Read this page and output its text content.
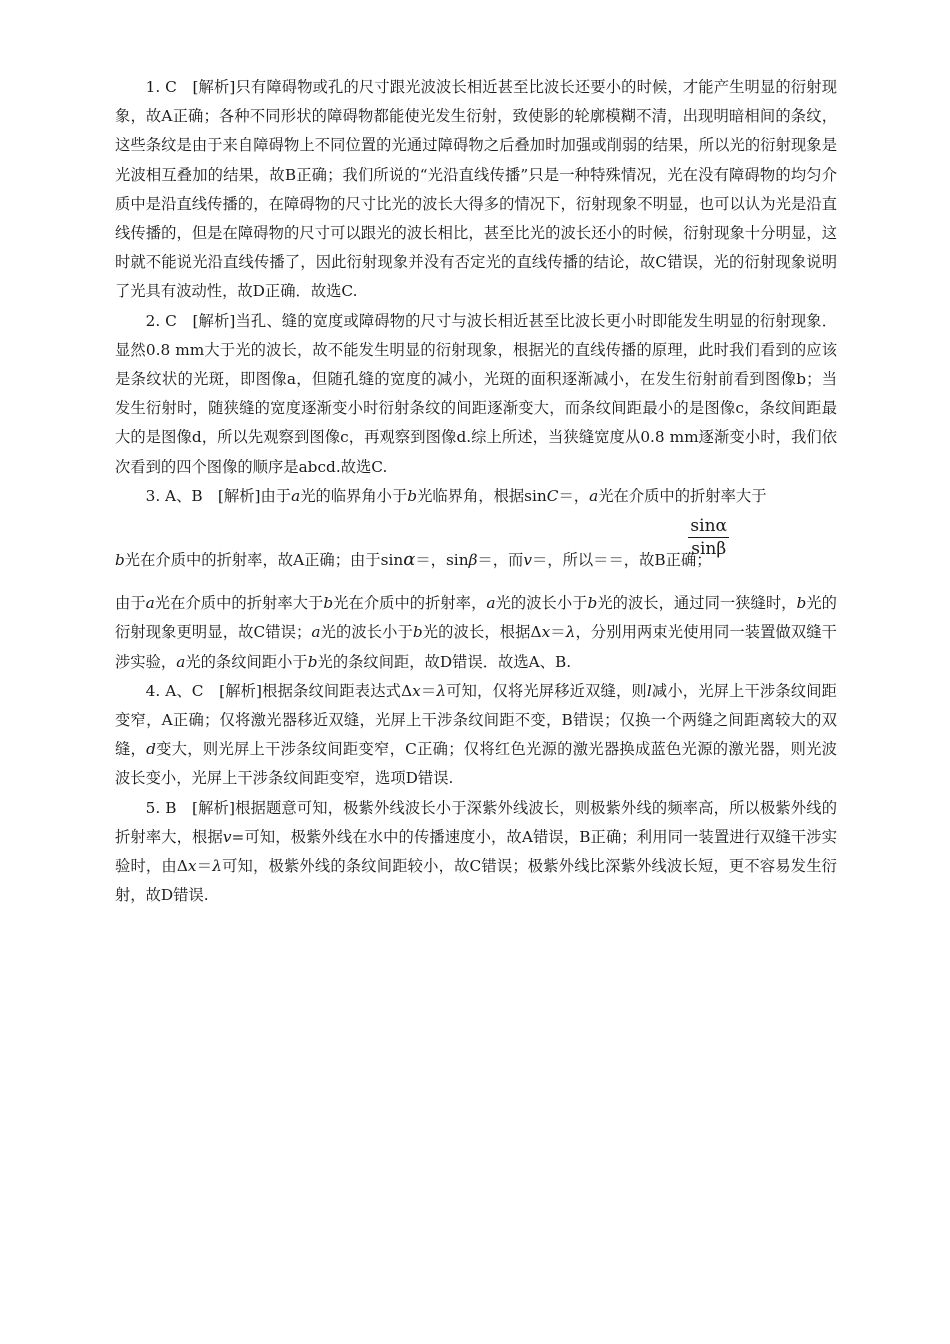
1. C　[解析]只有障碍物或孔的尺寸跟光波波长相近甚至比波长还要小的时候，才能产生明显的衍射现象，故A正确；各种不同形状的障碍物都能使光发生衍射，致使影的轮廓模糊不清，出现明暗相间的条纹，这些条纹是由于来自障碍物上不同位置的光通过障碍物之后叠加时加强或削弱的结果，所以光的衍射现象是光波相互叠加的结果，故B正确；我们所说的“光沿直线传播”只是一种特殊情况，光在没有障碍物的均匀介质中是沿直线传播的，在障碍物的尺寸比光的波长大得多的情况下，衍射现象不明显，也可以认为光是沿直线传播的，但是在障碍物的尺寸可以跟光的波长相比，甚至比光的波长还小的时候，衍射现象十分明显，这时就不能说光沿直线传播了，因此衍射现象并没有否定光的直线传播的结论，故C错误，光的衍射现象说明了光具有波动性，故D正确．故选C.

2. C　[解析]当孔、缝的宽度或障碍物的尺寸与波长相近甚至比波长更小时即能发生明显的衍射现象．显然0.8 mm大于光的波长，故不能发生明显的衍射现象，根据光的直线传播的原理，此时我们看到的应该是条纹状的光斑，即图像a，但随孔缝的宽度的减小，光斑的面积逐渐减小，在发生衍射前看到图像b；当发生衍射时，随狭缝的宽度逐渐变小时衍射条纹的间距逐渐变大，而条纹间距最小的是图像c，条纹间距最大的是图像d，所以先观察到图像c，再观察到图像d.综上所述，当狭缝宽度从0.8 mm逐渐变小时，我们依次看到的四个图像的顺序是abcd.故选C.

3. A、B　[解析]由于a光的临界角小于b光临界角，根据sinC＝，a光在介质中的折射率大于

$\frac{\sin\alpha}{\sin\beta}$

b光在介质中的折射率，故A正确；由于sinα＝，sinβ＝，而v＝，所以＝＝，故B正确；

由于a光在介质中的折射率大于b光在介质中的折射率，a光的波长小于b光的波长，通过同一狭缝时，b光的衍射现象更明显，故C错误；a光的波长小于b光的波长，根据Δx＝λ，分别用两束光使用同一装置做双缝干涉实验，a光的条纹间距小于b光的条纹间距，故D错误．故选A、B.

4. A、C　[解析]根据条纹间距表达式Δx＝λ可知，仅将光屏移近双缝，则l减小，光屏上干涉条纹间距变窄，A正确；仅将激光器移近双缝，光屏上干涉条纹间距不变，B错误；仅换一个两缝之间距离较大的双缝，d变大，则光屏上干涉条纹间距变窄，C正确；仅将红色光源的激光器换成蓝色光源的激光器，则光波波长变小，光屏上干涉条纹间距变窄，选项D错误.

5. B　[解析]根据题意可知，极紫外线波长小于深紫外线波长，则极紫外线的频率高，所以极紫外线的折射率大，根据v=可知，极紫外线在水中的传播速度小，故A错误，B正确；利用同一装置进行双缝干涉实验时，由Δx＝λ可知，极紫外线的条纹间距较小，故C错误；极紫外线比深紫外线波长短，更不容易发生衍射，故D错误.
